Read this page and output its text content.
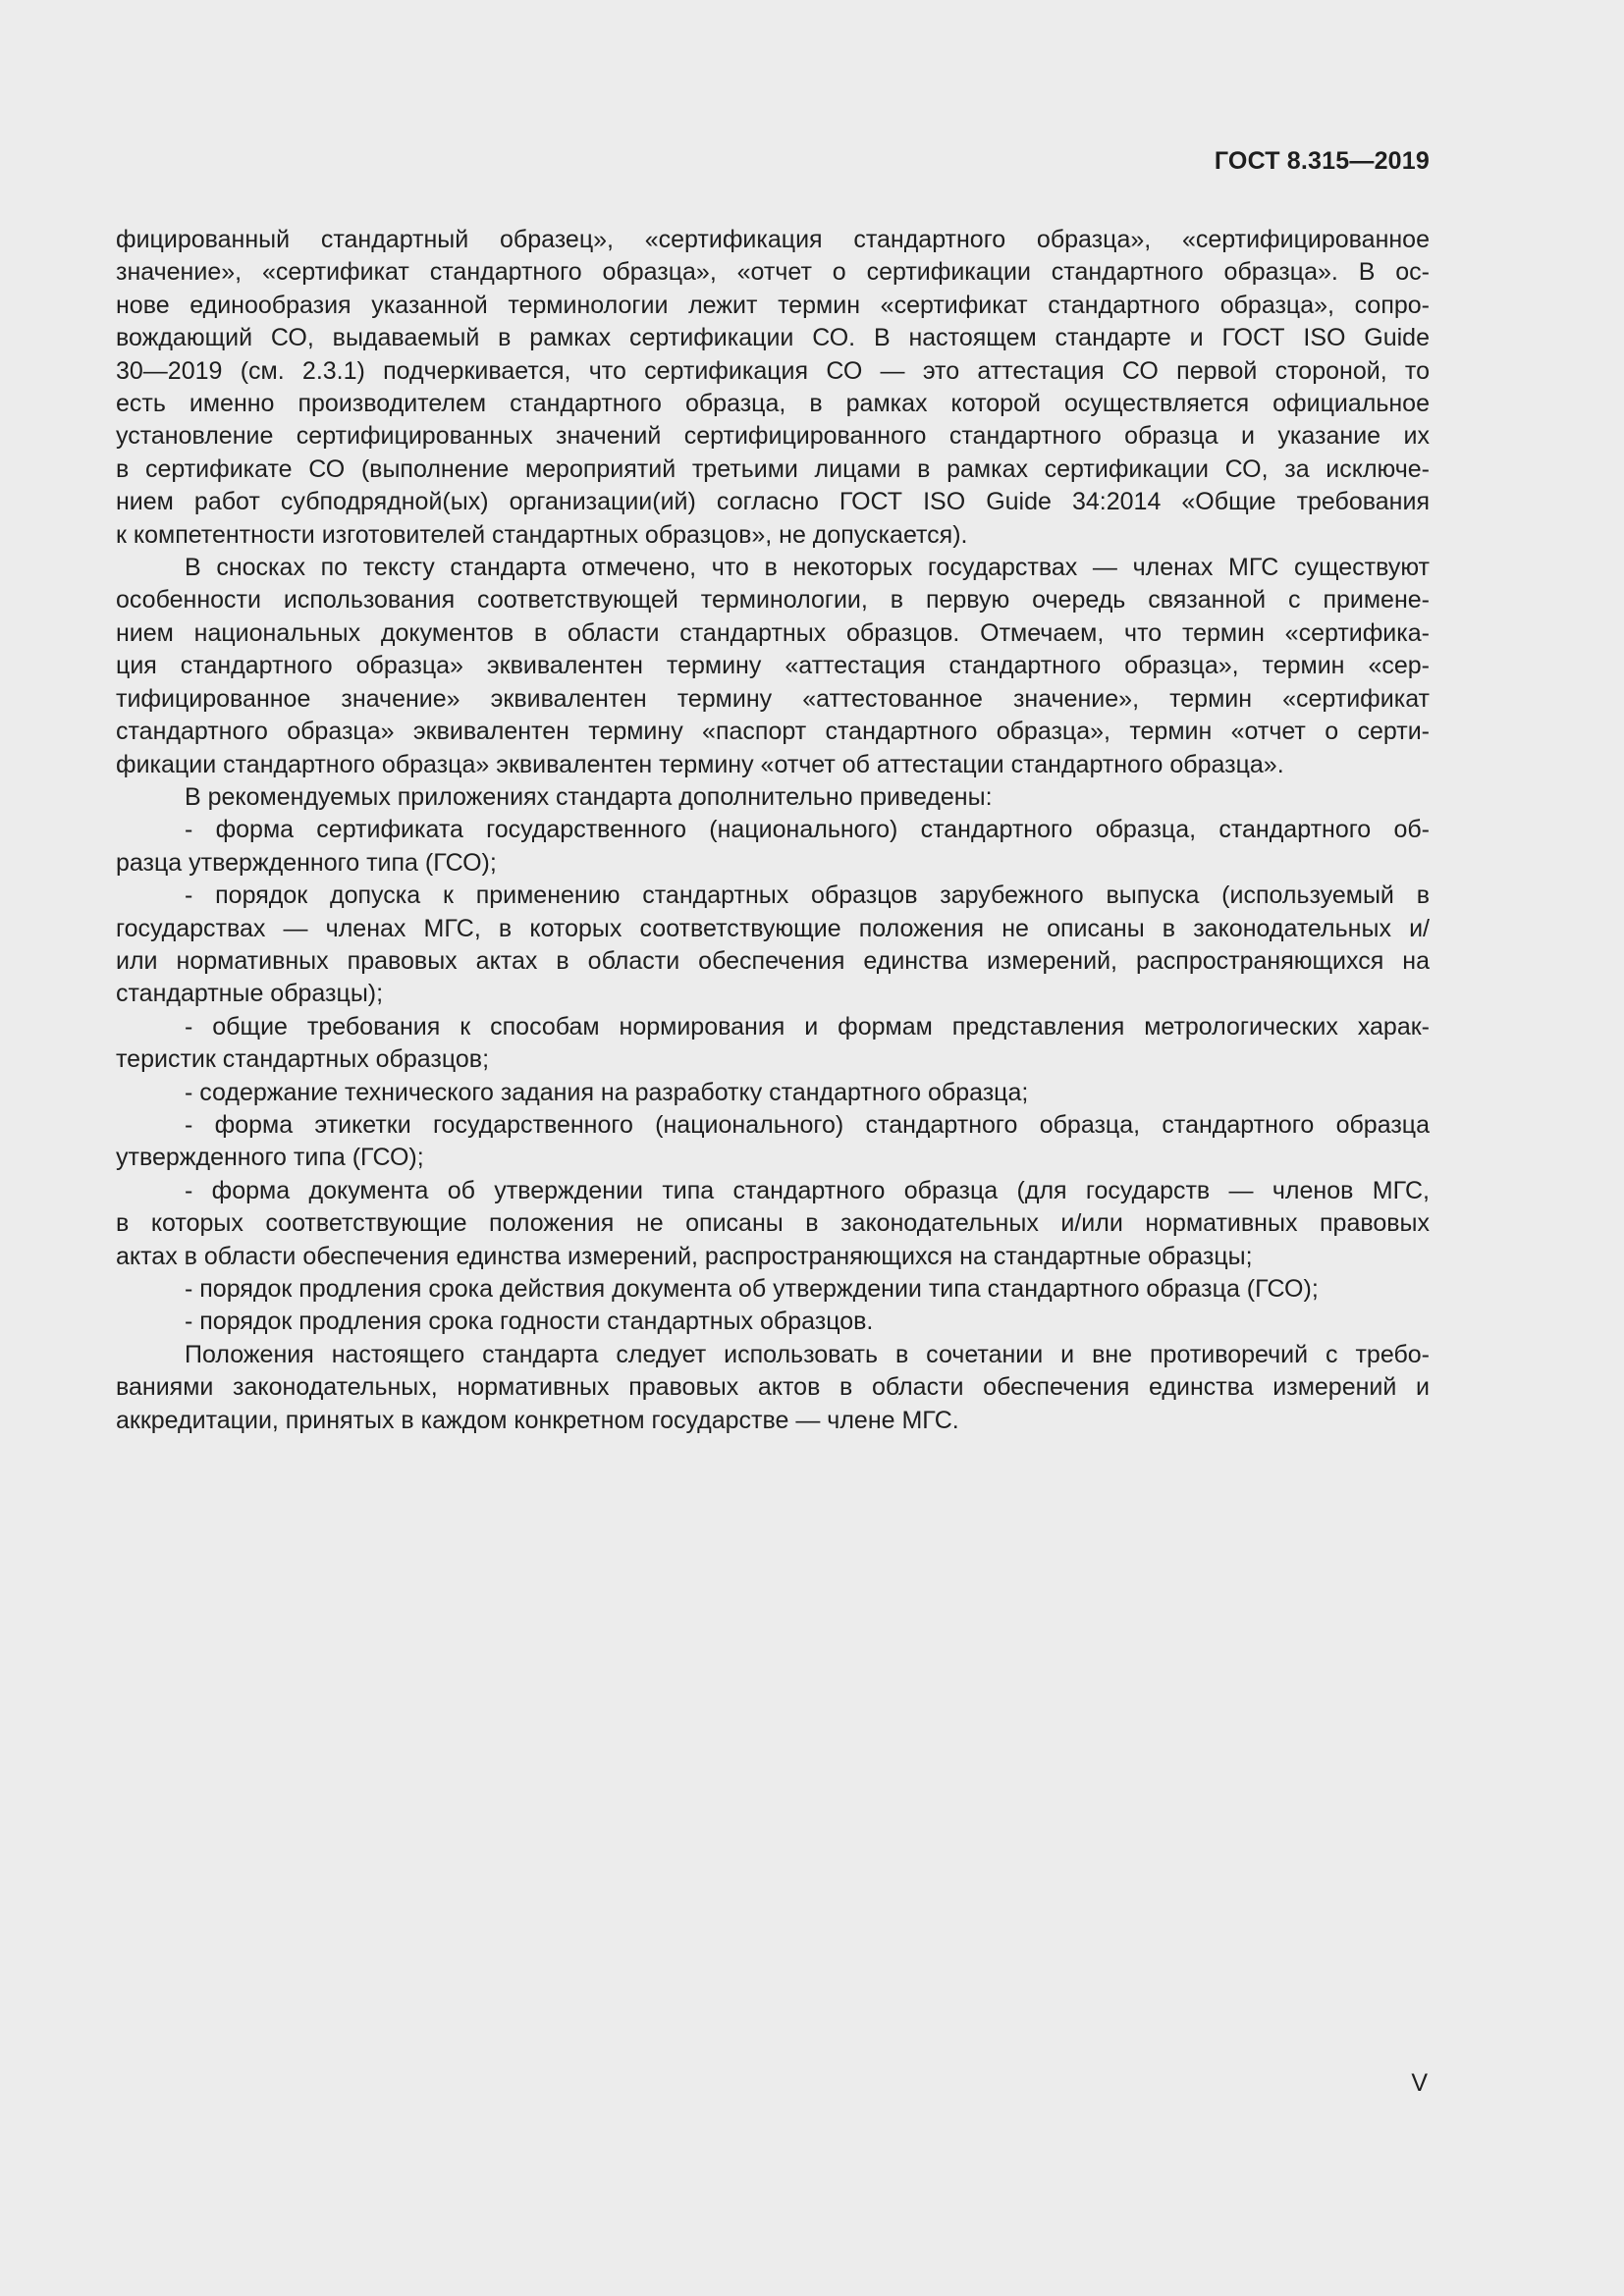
ГОСТ 8.315—2019

фицированный стандартный образец», «сертификация стандартного образца», «сертифицированное

значение», «сертификат стандартного образца», «отчет о сертификации стандартного образца». В ос-

нове единообразия указанной терминологии лежит термин «сертификат стандартного образца», сопро-

вождающий СО, выдаваемый в рамках сертификации СО. В настоящем стандарте и ГОСТ ISO Guide

30—2019 (см. 2.3.1) подчеркивается, что сертификация СО — это аттестация СО первой стороной, то

есть именно производителем стандартного образца, в рамках которой осуществляется официальное

установление сертифицированных значений сертифицированного стандартного образца и указание их

в сертификате СО (выполнение мероприятий третьими лицами в рамках сертификации СО, за исключе-

нием работ субподрядной(ых) организации(ий) согласно ГОСТ ISO Guide 34:2014 «Общие требования

к компетентности изготовителей стандартных образцов», не допускается).

В сносках по тексту стандарта отмечено, что в некоторых государствах — членах МГС существуют

особенности использования соответствующей терминологии, в первую очередь связанной с примене-

нием национальных документов в области стандартных образцов. Отмечаем, что термин «сертифика-

ция стандартного образца» эквивалентен термину «аттестация стандартного образца», термин «сер-

тифицированное значение» эквивалентен термину «аттестованное значение», термин «сертификат

стандартного образца» эквивалентен термину «паспорт стандартного образца», термин «отчет о серти-

фикации стандартного образца» эквивалентен термину «отчет об аттестации стандартного образца».

В рекомендуемых приложениях стандарта дополнительно приведены:

- форма сертификата государственного (национального) стандартного образца, стандартного об-

разца утвержденного типа (ГСО);

- порядок допуска к применению стандартных образцов зарубежного выпуска (используемый в

государствах — членах МГС, в которых соответствующие положения не описаны в законодательных и/

или нормативных правовых актах в области обеспечения единства измерений, распространяющихся на

стандартные образцы);

- общие требования к способам нормирования и формам представления метрологических харак-

теристик стандартных образцов;

- содержание технического задания на разработку стандартного образца;

- форма этикетки государственного (национального) стандартного образца, стандартного образца

утвержденного типа (ГСО);

- форма документа об утверждении типа стандартного образца (для государств — членов МГС,

в которых соответствующие положения не описаны в законодательных и/или нормативных правовых

актах в области обеспечения единства измерений, распространяющихся на стандартные образцы;

- порядок продления срока действия документа об утверждении типа стандартного образца (ГСО);

- порядок продления срока годности стандартных образцов.

Положения настоящего стандарта следует использовать в сочетании и вне противоречий с требо-

ваниями законодательных, нормативных правовых актов в области обеспечения единства измерений и

аккредитации, принятых в каждом конкретном государстве — члене МГС.

V
